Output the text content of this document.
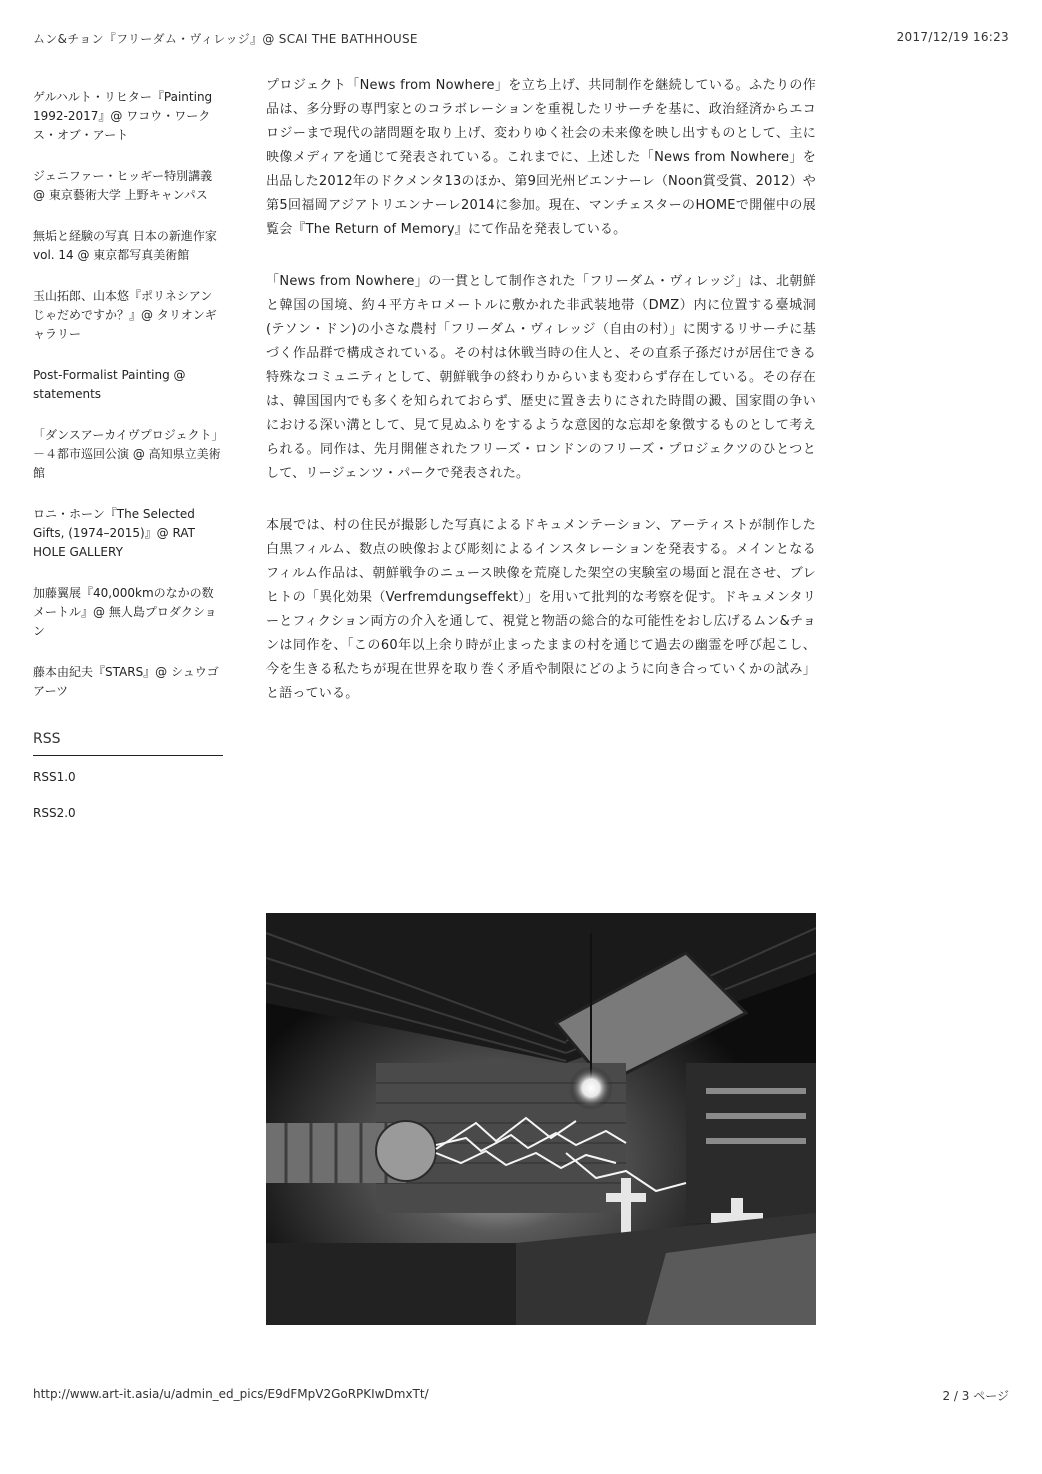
ムン&チョン『フリーダム・ヴィレッジ』@ SCAI THE BATHHOUSE	2017/12/19 16:23
ゲルハルト・リヒター『Painting 1992-2017』@ ワコウ・ワークス・オブ・アート
ジェニファー・ヒッギー特別講義 @ 東京藝術大学 上野キャンパス
無垢と経験の写真 日本の新進作家 vol. 14 @ 東京都写真美術館
玉山拓郎、山本悠『ポリネシアンじゃだめですか？』@ タリオンギャラリー
Post-Formalist Painting @ statements
「ダンスアーカイヴプロジェクト」－４都市巡回公演 @ 高知県立美術館
ロニ・ホーン『The Selected Gifts, (1974–2015)』@ RAT HOLE GALLERY
加藤翼展『40,000kmのなかの数メートル』@ 無人島プロダクション
藤本由紀夫『STARS』@ シュウゴアーツ
RSS
RSS1.0
RSS2.0

プロジェクト「News from Nowhere」を立ち上げ、共同制作を継続している。ふたりの作品は、多分野の専門家とのコラボレーションを重視したリサーチを基に、政治経済からエコロジーまで現代の諸問題を取り上げ、変わりゆく社会の未来像を映し出すものとして、主に映像メディアを通じて発表されている。これまでに、上述した「News from Nowhere」を出品した2012年のドクメンタ13のほか、第9回光州ビエンナーレ（Noon賞受賞、2012）や第5回福岡アジアトリエンナーレ2014に参加。現在、マンチェスターのHOMEで開催中の展覧会『The Return of Memory』にて作品を発表している。

「News from Nowhere」の一貫として制作された「フリーダム・ヴィレッジ」は、北朝鮮と韓国の国境、約４平方キロメートルに敷かれた非武装地帯（DMZ）内に位置する臺城洞(テソン・ドン)の小さな農村「フリーダム・ヴィレッジ（自由の村）」に関するリサーチに基づく作品群で構成されている。その村は休戦当時の住人と、その直系子孫だけが居住できる特殊なコミュニティとして、朝鮮戦争の終わりからいまも変わらず存在している。その存在は、韓国国内でも多くを知られておらず、歴史に置き去りにされた時間の澱、国家間の争いにおける深い溝として、見て見ぬふりをするような意図的な忘却を象徴するものとして考えられる。同作は、先月開催されたフリーズ・ロンドンのフリーズ・プロジェクツのひとつとして、リージェンツ・パークで発表された。

本展では、村の住民が撮影した写真によるドキュメンテーション、アーティストが制作した白黒フィルム、数点の映像および彫刻によるインスタレーションを発表する。メインとなるフィルム作品は、朝鮮戦争のニュース映像を荒廃した架空の実験室の場面と混在させ、ブレヒトの「異化効果（Verfremdungseffekt）」を用いて批判的な考察を促す。ドキュメンタリーとフィクション両方の介入を通して、視覚と物語の総合的な可能性をおし広げるムン&チョンは同作を、「この60年以上余り時が止まったままの村を通じて過去の幽霊を呼び起こし、今を生きる私たちが現在世界を取り巻く矛盾や制限にどのように向き合っていくかの試み」と語っている。

http://www.art-it.asia/u/admin_ed_pics/E9dFMpV2GoRPKIwDmxTt/	2 / 3 ページ
